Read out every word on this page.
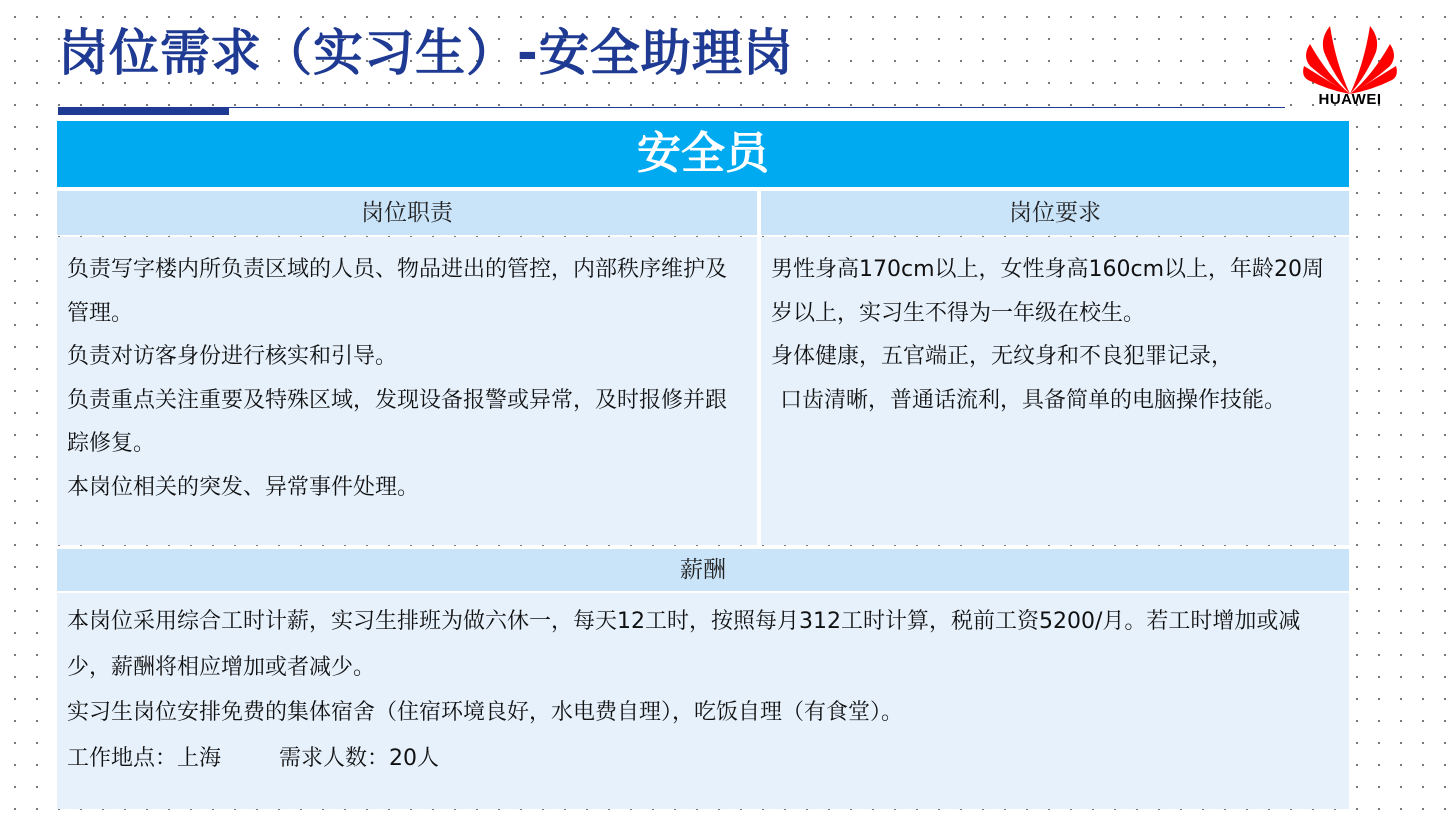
岗位需求（实习生）-安全助理岗
HUAWEI
安全员
岗位职责	岗位要求

负责写字楼内所负责区域的人员、物品进出的管控，内部秩序维护及管理。

负责对访客身份进行核实和引导。

负责重点关注重要及特殊区域，发现设备报警或异常，及时报修并跟踪修复。

本岗位相关的突发、异常事件处理。

男性身高170cm以上，女性身高160cm以上，年龄20周岁以上，实习生不得为一年级在校生。

身体健康，五官端正，无纹身和不良犯罪记录，

口齿清晰，普通话流利，具备简单的电脑操作技能。

薪酬

本岗位采用综合工时计薪，实习生排班为做六休一，每天12工时，按照每月312工时计算，税前工资5200/月。若工时增加或减少，薪酬将相应增加或者减少。

实习生岗位安排免费的集体宿舍（住宿环境良好，水电费自理），吃饭自理（有食堂）。

工作地点：上海	需求人数：20人
